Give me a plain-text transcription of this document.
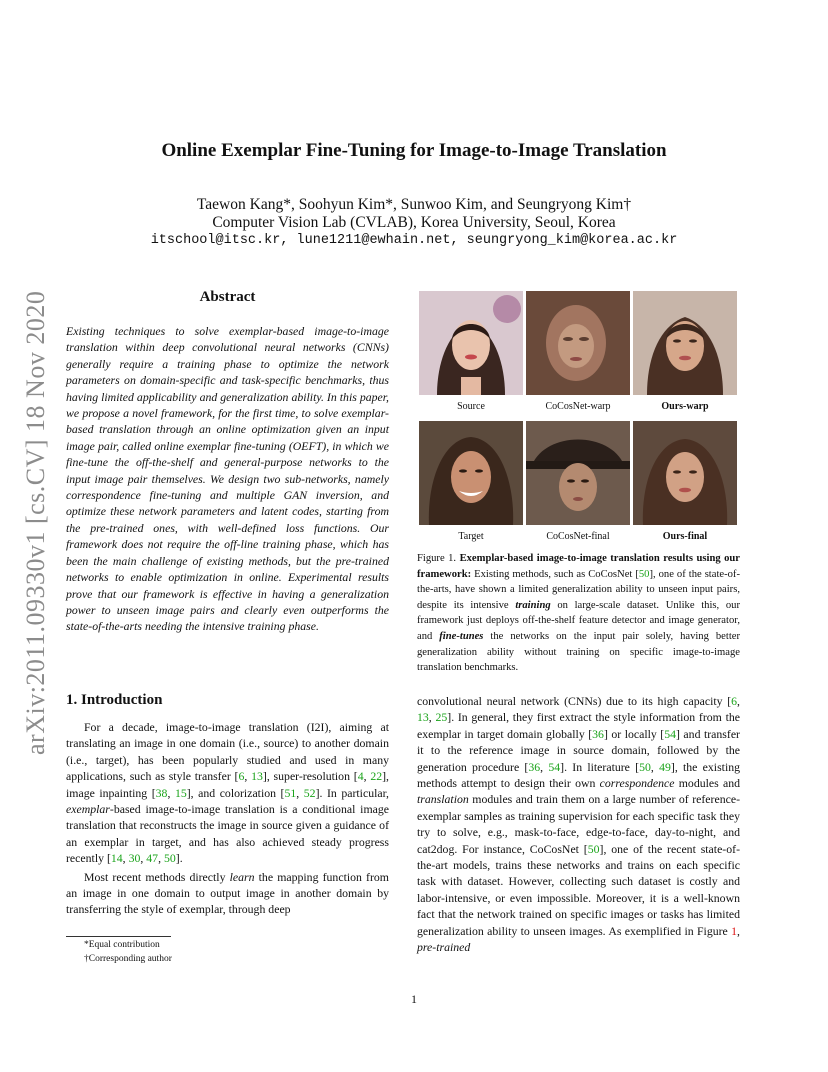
arXiv:2011.09330v1 [cs.CV] 18 Nov 2020
Online Exemplar Fine-Tuning for Image-to-Image Translation
Taewon Kang*, Soohyun Kim*, Sunwoo Kim, and Seungryong Kim†
Computer Vision Lab (CVLAB), Korea University, Seoul, Korea
itschool@itsc.kr, lune1211@ewhain.net, seungryong_kim@korea.ac.kr
Abstract
Existing techniques to solve exemplar-based image-to-image translation within deep convolutional neural networks (CNNs) generally require a training phase to optimize the network parameters on domain-specific and task-specific benchmarks, thus having limited applicability and generalization ability. In this paper, we propose a novel framework, for the first time, to solve exemplar-based translation through an online optimization given an input image pair, called online exemplar fine-tuning (OEFT), in which we fine-tune the off-the-shelf and general-purpose networks to the input image pair themselves. We design two sub-networks, namely correspondence fine-tuning and multiple GAN inversion, and optimize these network parameters and latent codes, starting from the pre-trained ones, with well-defined loss functions. Our framework does not require the off-line training phase, which has been the main challenge of existing methods, but the pre-trained networks to enable optimization in online. Experimental results prove that our framework is effective in having a generalization power to unseen image pairs and clearly even outperforms the state-of-the-arts needing the intensive training phase.
Source	CoCosNet-warp	Ours-warp
Target	CoCosNet-final	Ours-final
Figure 1. Exemplar-based image-to-image translation results using our framework: Existing methods, such as CoCosNet [50], one of the state-of-the-arts, have shown a limited generalization ability to unseen input pairs, despite its intensive training on large-scale dataset. Unlike this, our framework just deploys off-the-shelf feature detector and image generator, and fine-tunes the networks on the input pair solely, having better generalization ability without training on specific image-to-image translation benchmarks.
1. Introduction

For a decade, image-to-image translation (I2I), aiming at translating an image in one domain (i.e., source) to another domain (i.e., target), has been popularly studied and used in many applications, such as style transfer [6, 13], super-resolution [4, 22], image inpainting [38, 15], and colorization [51, 52]. In particular, exemplar-based image-to-image translation is a conditional image translation that reconstructs the image in source given a guidance of an exemplar in target, and has also achieved steady progress recently [14, 30, 47, 50].

Most recent methods directly learn the mapping function from an image in one domain to output image in another domain by transferring the style of exemplar, through deep

convolutional neural network (CNNs) due to its high capacity [6, 13, 25]. In general, they first extract the style information from the exemplar in target domain globally [36] or locally [54] and transfer it to the reference image in source domain, followed by the generation procedure [36, 54]. In literature [50, 49], the existing methods attempt to design their own correspondence modules and translation modules and train them on a large number of reference-exemplar samples as training supervision for each specific task they try to solve, e.g., mask-to-face, edge-to-face, day-to-night, and cat2dog. For instance, CoCosNet [50], one of the recent state-of-the-art models, trains these networks and trains on each specific task with dataset. However, collecting such dataset is costly and labor-intensive, or even impossible. Moreover, it is a well-known fact that the network trained on specific images or tasks has limited generalization ability to unseen images. As exemplified in Figure 1, pre-trained

*Equal contribution
†Corresponding author
1
